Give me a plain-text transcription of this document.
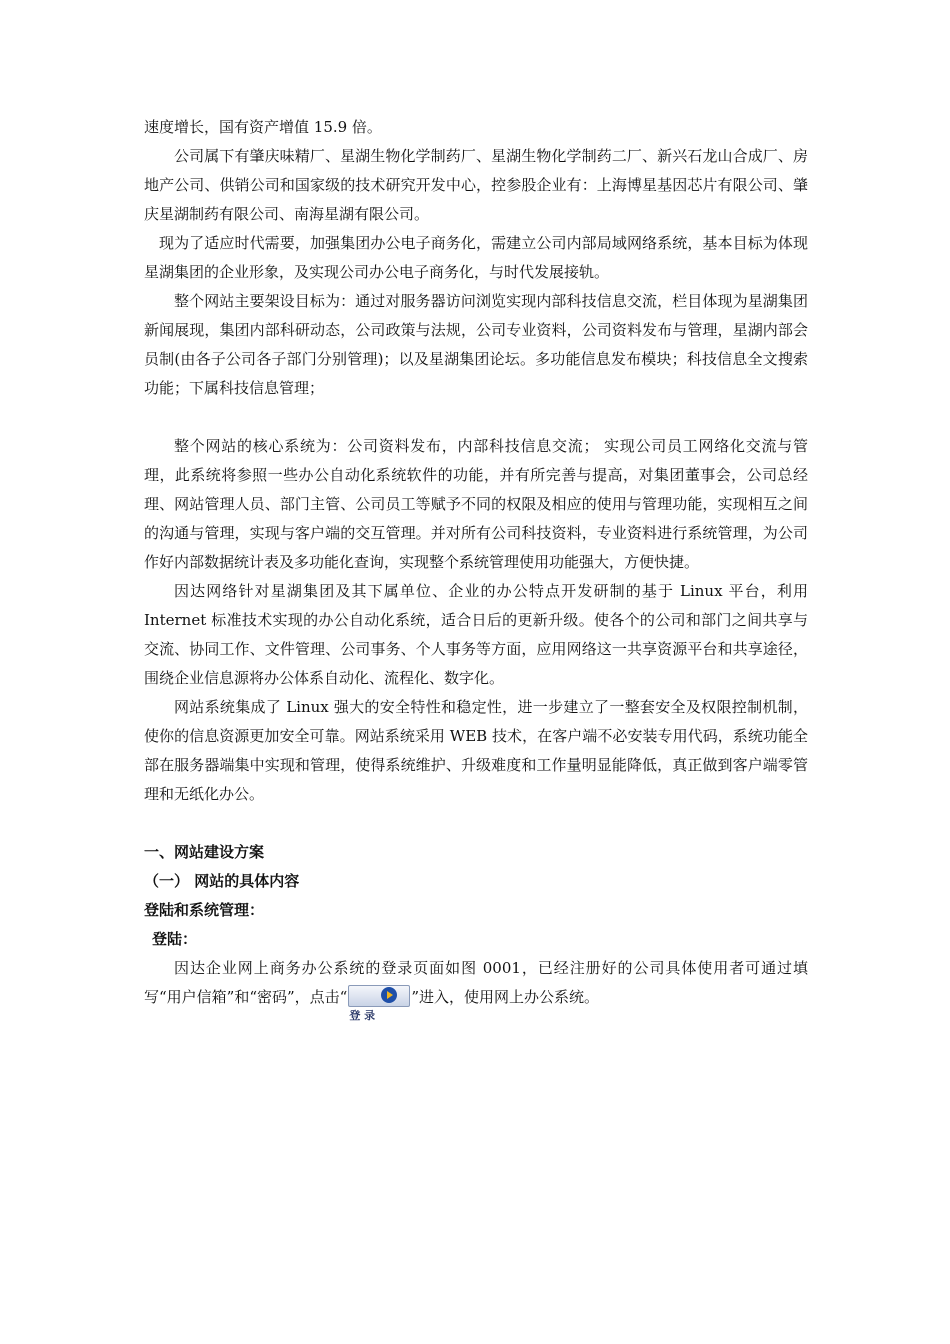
速度增长，国有资产增值 15.9 倍。

公司属下有肇庆味精厂、星湖生物化学制药厂、星湖生物化学制药二厂、新兴石龙山合成厂、房地产公司、供销公司和国家级的技术研究开发中心，控参股企业有：上海博星基因芯片有限公司、肇庆星湖制药有限公司、南海星湖有限公司。

现为了适应时代需要，加强集团办公电子商务化，需建立公司内部局域网络系统，基本目标为体现星湖集团的企业形象，及实现公司办公电子商务化，与时代发展接轨。

整个网站主要架设目标为：通过对服务器访问浏览实现内部科技信息交流，栏目体现为星湖集团新闻展现，集团内部科研动态，公司政策与法规，公司专业资料，公司资料发布与管理，星湖内部会员制(由各子公司各子部门分别管理)；以及星湖集团论坛。多功能信息发布模块；科技信息全文搜索功能；下属科技信息管理；

整个网站的核心系统为：公司资料发布，内部科技信息交流； 实现公司员工网络化交流与管理，此系统将参照一些办公自动化系统软件的功能，并有所完善与提高，对集团董事会，公司总经理、网站管理人员、部门主管、公司员工等赋予不同的权限及相应的使用与管理功能，实现相互之间的沟通与管理，实现与客户端的交互管理。并对所有公司科技资料，专业资料进行系统管理，为公司作好内部数据统计表及多功能化查询，实现整个系统管理使用功能强大，方便快捷。

因达网络针对星湖集团及其下属单位、企业的办公特点开发研制的基于 Linux 平台，利用 Internet 标准技术实现的办公自动化系统，适合日后的更新升级。使各个的公司和部门之间共享与交流、协同工作、文件管理、公司事务、个人事务等方面，应用网络这一共享资源平台和共享途径，围绕企业信息源将办公体系自动化、流程化、数字化。

网站系统集成了 Linux 强大的安全特性和稳定性，进一步建立了一整套安全及权限控制机制，使你的信息资源更加安全可靠。网站系统采用 WEB 技术，在客户端不必安装专用代码，系统功能全部在服务器端集中实现和管理，使得系统维护、升级难度和工作量明显能降低，真正做到客户端零管理和无纸化办公。

一、网站建设方案

（一） 网站的具体内容

登陆和系统管理：

登陆：

因达企业网上商务办公系统的登录页面如图 0001，已经注册好的公司具体使用者可通过填写“用户信箱”和“密码”，点击“登 录”进入，使用网上办公系统。
